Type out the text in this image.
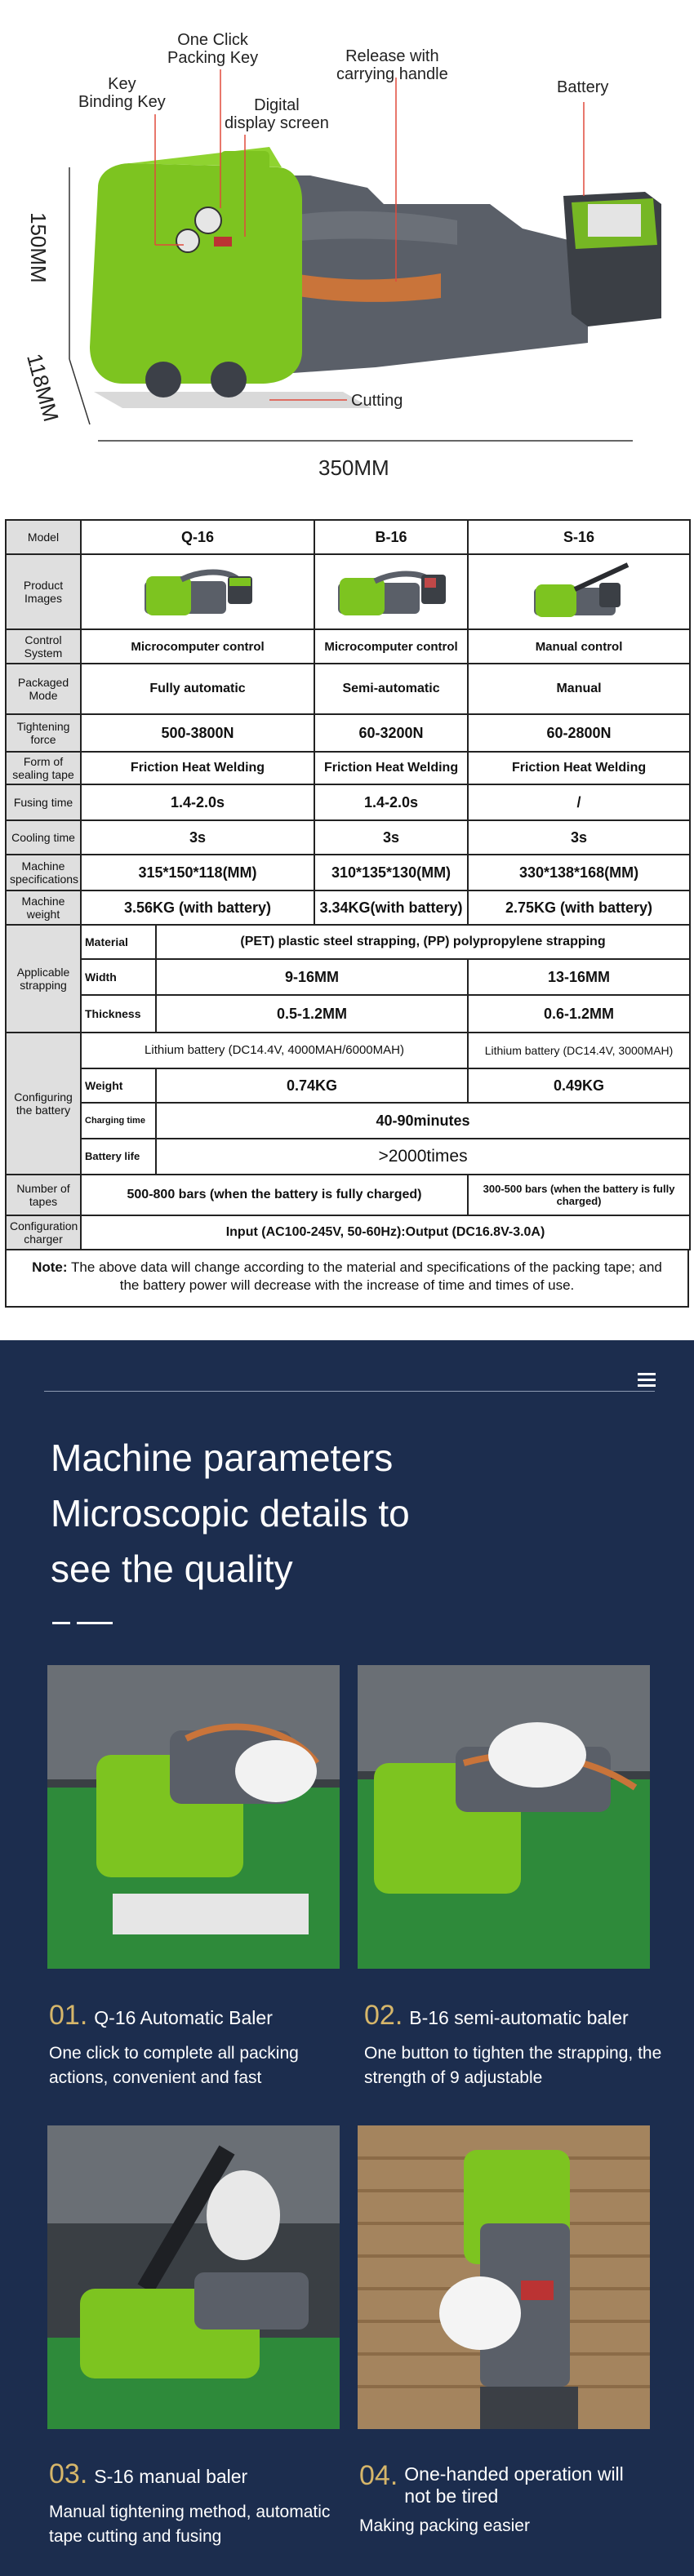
One Click
Packing Key
Key
Binding Key	Digital
display screen
Release with
carrying handle
Battery
Cutting
150MM
118MM
350MM
Model	Q-16		B-16	S-16
Product Images			
Control System	Microcomputer control		Microcomputer control	Manual control
Packaged Mode	Fully automatic		Semi-automatic	Manual
Tightening force	500-3800N		60-3200N	60-2800N
Form of sealing tape	Friction Heat Welding		Friction Heat Welding	Friction Heat Welding
Fusing time	1.4-2.0s		1.4-2.0s	/
Cooling time	3s		3s	3s
Machine specifications	315*150*118(MM)		310*135*130(MM)	330*138*168(MM)
Machine weight	3.56KG (with battery)		3.34KG(with battery)	2.75KG (with battery)
Applicable strapping	Material	(PET) plastic steel strapping, (PP) polypropylene strapping		
	Width	9-16MM		13-16MM
	Thickness	0.5-1.2MM		0.6-1.2MM
Configuring the battery	Lithium battery (DC14.4V, 4000MAH/6000MAH)			Lithium battery (DC14.4V, 3000MAH)
	Weight	0.74KG		0.49KG
	Charging time	40-90minutes		
	Battery life	>2000times		
Number of tapes	500-800 bars (when the battery is fully charged)			300-500 bars (when the battery is fully charged)
Configuration charger	Input (AC100-245V, 50-60Hz):Output (DC16.8V-3.0A)			
Note: The above data will change according to the material and specifications of the packing tape; and the battery power will decrease with the increase of time and times of use.
Machine parameters
Microscopic details to
see the quality
01. Q-16 Automatic Baler
One click to complete all packing actions, convenient and fast
02. B-16 semi-automatic baler
One button to tighten the strapping, the strength of 9 adjustable
03. S-16 manual baler
Manual tightening method, automatic tape cutting and fusing
04. One-handed operation will not be tired
Making packing easier
